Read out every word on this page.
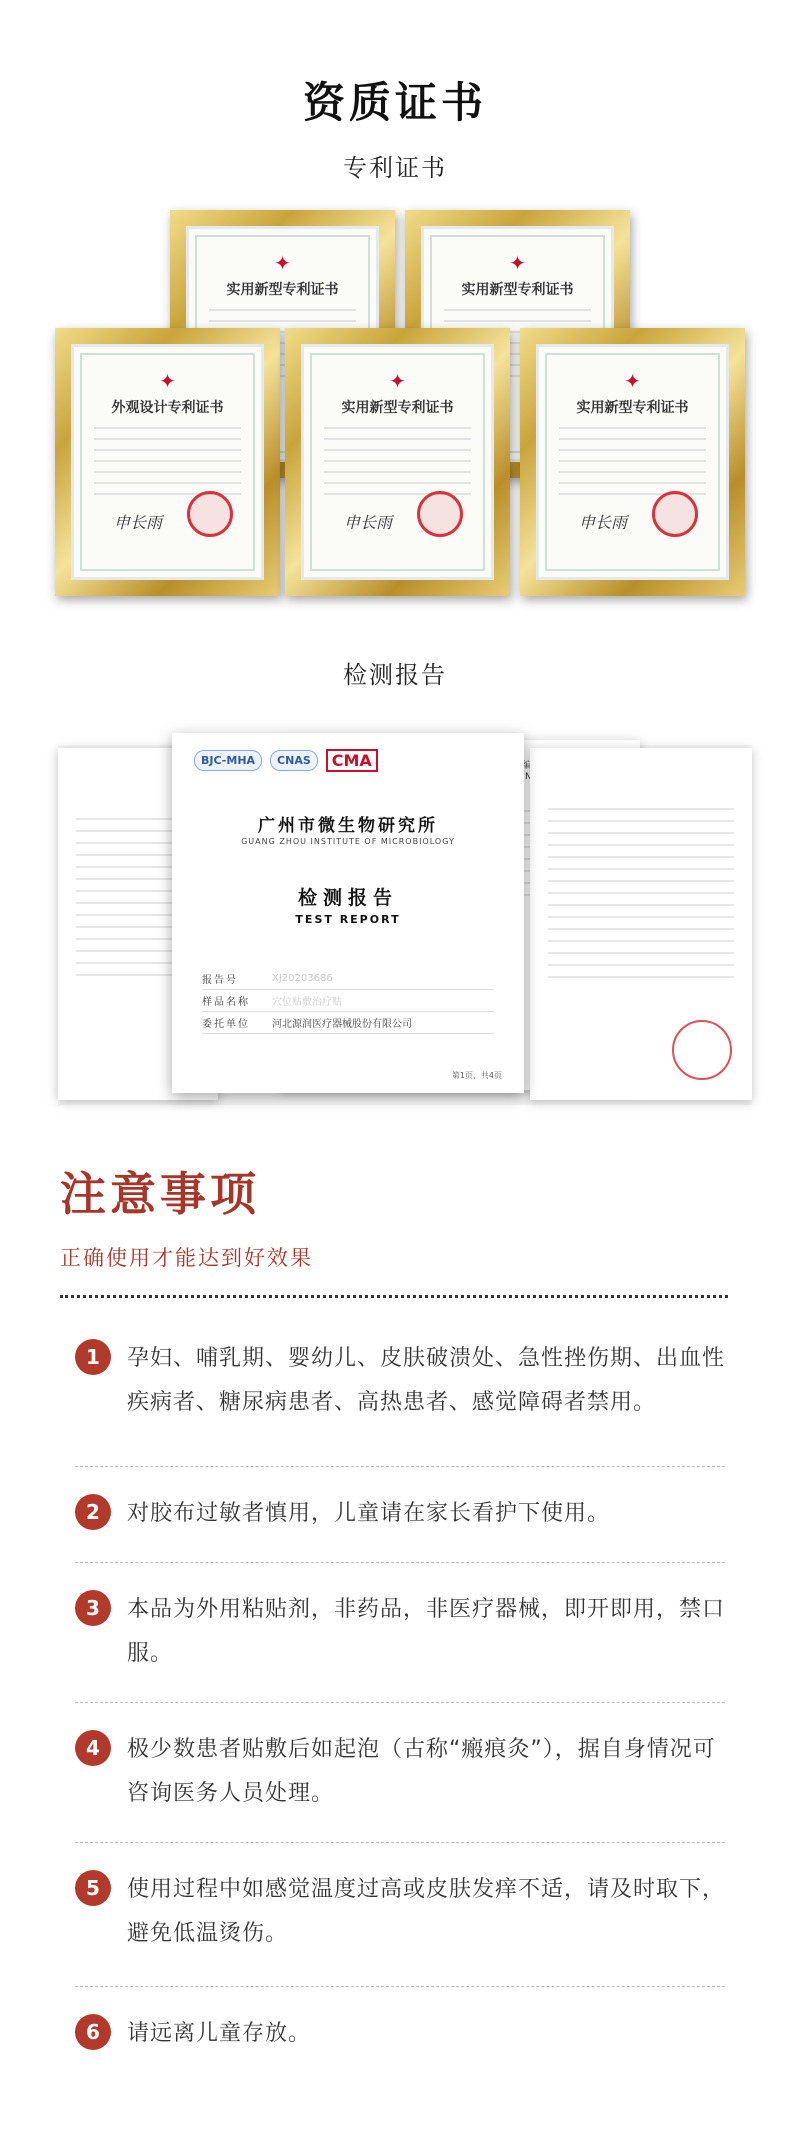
资质证书
专利证书
✦
实用新型专利证书
✦
实用新型专利证书
✦
外观设计专利证书
申长雨
✦
实用新型专利证书
申长雨
✦
实用新型专利证书
申长雨
检测报告
BJC-MHA	CNAS	CMA
广州市微生物研究所
GUANG ZHOU INSTITUTE OF MICROBIOLOGY
检测报告
TEST REPORT
报告号	XJ20203686
样品名称	穴位贴敷治疗贴
委托单位	河北源润医疗器械股份有限公司
第1页，共4页
注意事项
正确使用才能达到好效果
1	孕妇、哺乳期、婴幼儿、皮肤破溃处、急性挫伤期、出血性疾病者、糖尿病患者、高热患者、感觉障碍者禁用。
2	对胶布过敏者慎用，儿童请在家长看护下使用。
3	本品为外用粘贴剂，非药品，非医疗器械，即开即用，禁口服。
4	极少数患者贴敷后如起泡（古称“瘢痕灸”），据自身情况可咨询医务人员处理。
5	使用过程中如感觉温度过高或皮肤发痒不适，请及时取下，避免低温烫伤。
6	请远离儿童存放。
